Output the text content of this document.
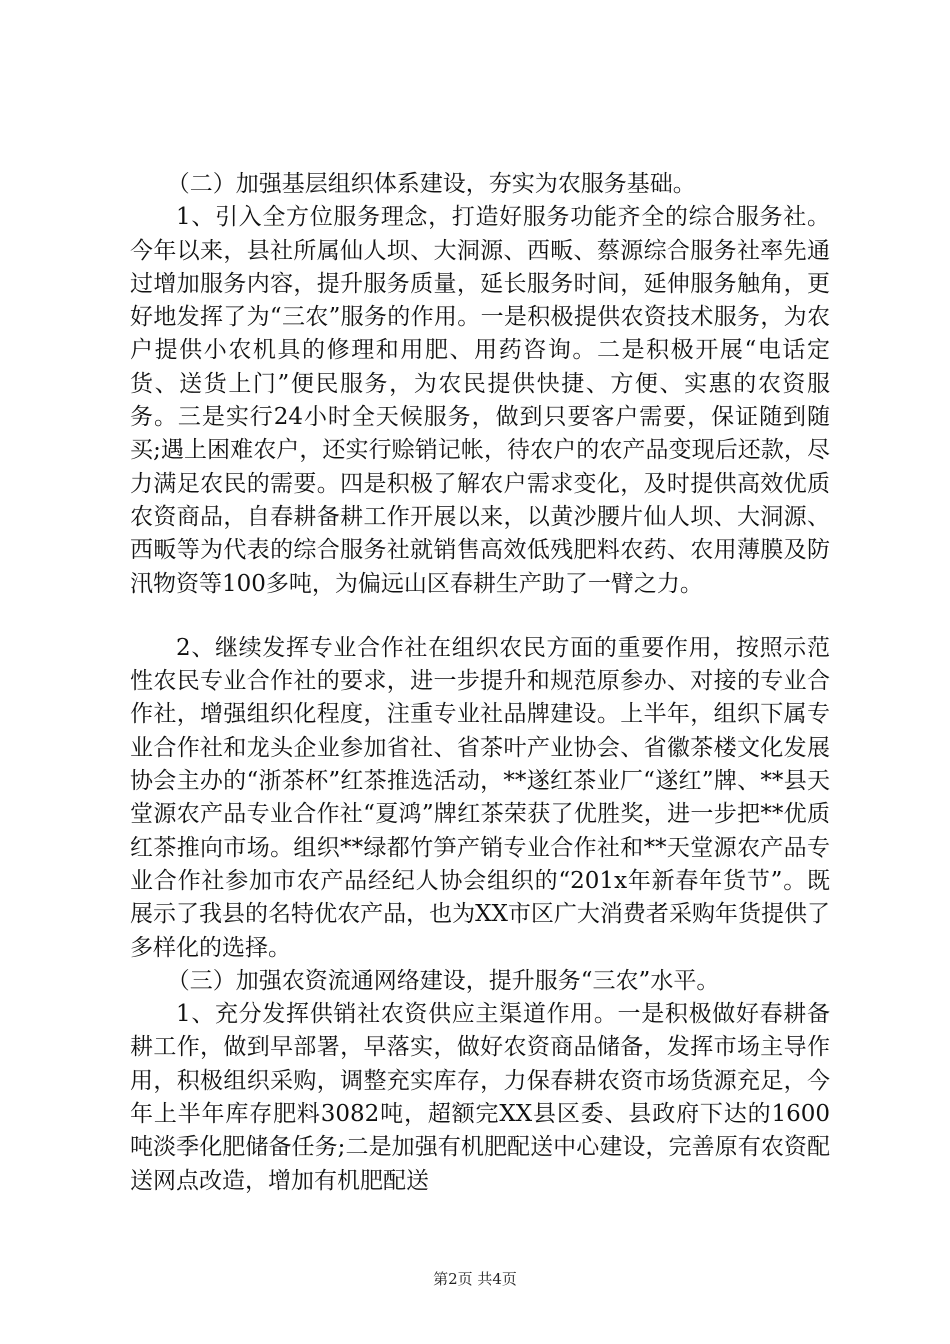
（二）加强基层组织体系建设，夯实为农服务基础。

1、引入全方位服务理念，打造好服务功能齐全的综合服务社。今年以来，县社所属仙人坝、大洞源、西畈、蔡源综合服务社率先通过增加服务内容，提升服务质量，延长服务时间，延伸服务触角，更好地发挥了为“三农”服务的作用。一是积极提供农资技术服务，为农户提供小农机具的修理和用肥、用药咨询。二是积极开展“电话定货、送货上门”便民服务，为农民提供快捷、方便、实惠的农资服务。三是实行24小时全天候服务，做到只要客户需要，保证随到随买;遇上困难农户，还实行赊销记帐，待农户的农产品变现后还款，尽力满足农民的需要。四是积极了解农户需求变化，及时提供高效优质农资商品，自春耕备耕工作开展以来，以黄沙腰片仙人坝、大洞源、西畈等为代表的综合服务社就销售高效低残肥料农药、农用薄膜及防汛物资等100多吨，为偏远山区春耕生产助了一臂之力。

2、继续发挥专业合作社在组织农民方面的重要作用，按照示范性农民专业合作社的要求，进一步提升和规范原参办、对接的专业合作社，增强组织化程度，注重专业社品牌建设。上半年，组织下属专业合作社和龙头企业参加省社、省茶叶产业协会、省徽茶楼文化发展协会主办的“浙茶杯”红茶推选活动，**遂红茶业厂“遂红”牌、**县天堂源农产品专业合作社“夏鸿”牌红茶荣获了优胜奖，进一步把**优质红茶推向市场。组织**绿都竹笋产销专业合作社和**天堂源农产品专业合作社参加市农产品经纪人协会组织的“201x年新春年货节”。既展示了我县的名特优农产品，也为XX市区广大消费者采购年货提供了多样化的选择。

（三）加强农资流通网络建设，提升服务“三农”水平。

1、充分发挥供销社农资供应主渠道作用。一是积极做好春耕备耕工作，做到早部署，早落实，做好农资商品储备，发挥市场主导作用，积极组织采购，调整充实库存，力保春耕农资市场货源充足，今年上半年库存肥料3082吨，超额完XX县区委、县政府下达的1600吨淡季化肥储备任务;二是加强有机肥配送中心建设，完善原有农资配送网点改造，增加有机肥配送

第2页 共4页
